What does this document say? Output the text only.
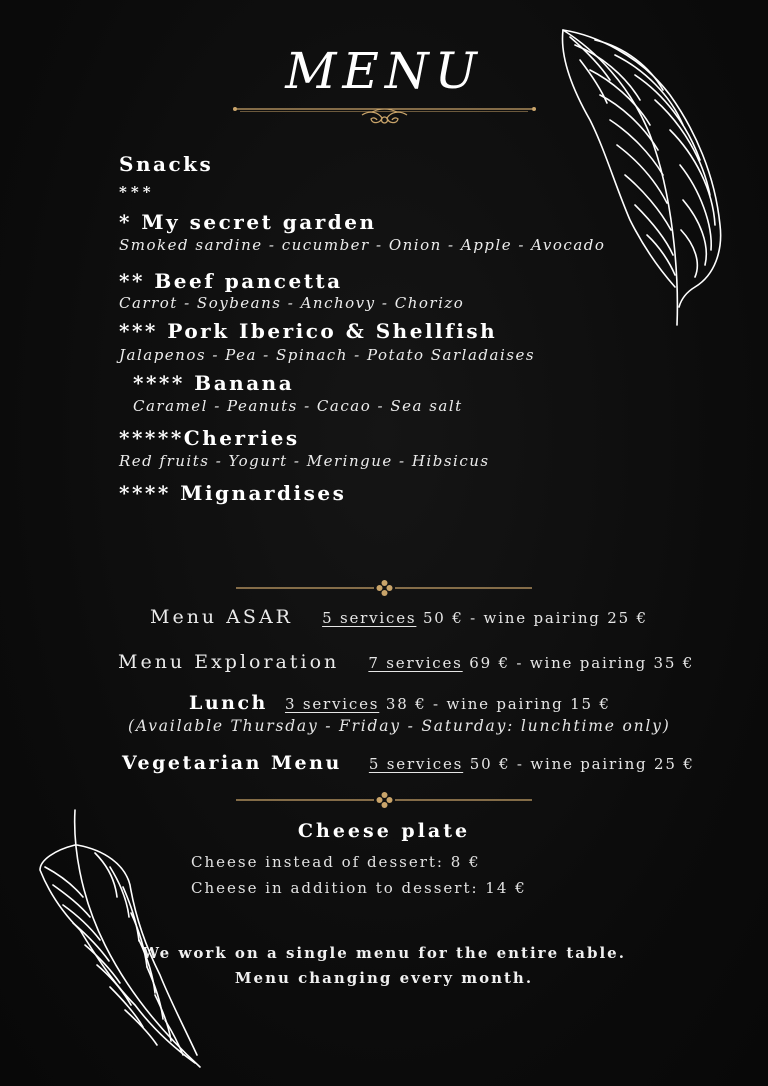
MENU
Snacks
***
* My secret garden
Smoked sardine - cucumber - Onion - Apple - Avocado
** Beef pancetta
Carrot - Soybeans - Anchovy - Chorizo
*** Pork Iberico & Shellfish
Jalapenos - Pea - Spinach - Potato Sarladaises
**** Banana
Caramel - Peanuts - Cacao - Sea salt
*****Cherries
Red fruits - Yogurt - Meringue - Hibsicus
**** Mignardises
Menu ASAR 5 services 50 € - wine pairing 25 €
Menu Exploration 7 services 69 € - wine pairing 35 €
Lunch 3 services 38 € - wine pairing 15 €
(Available Thursday - Friday - Saturday: lunchtime only)
Vegetarian Menu 5 services 50 € - wine pairing 25 €
Cheese plate
Cheese instead of dessert: 8 €
Cheese in addition to dessert: 14 €
We work on a single menu for the entire table.
Menu changing every month.
